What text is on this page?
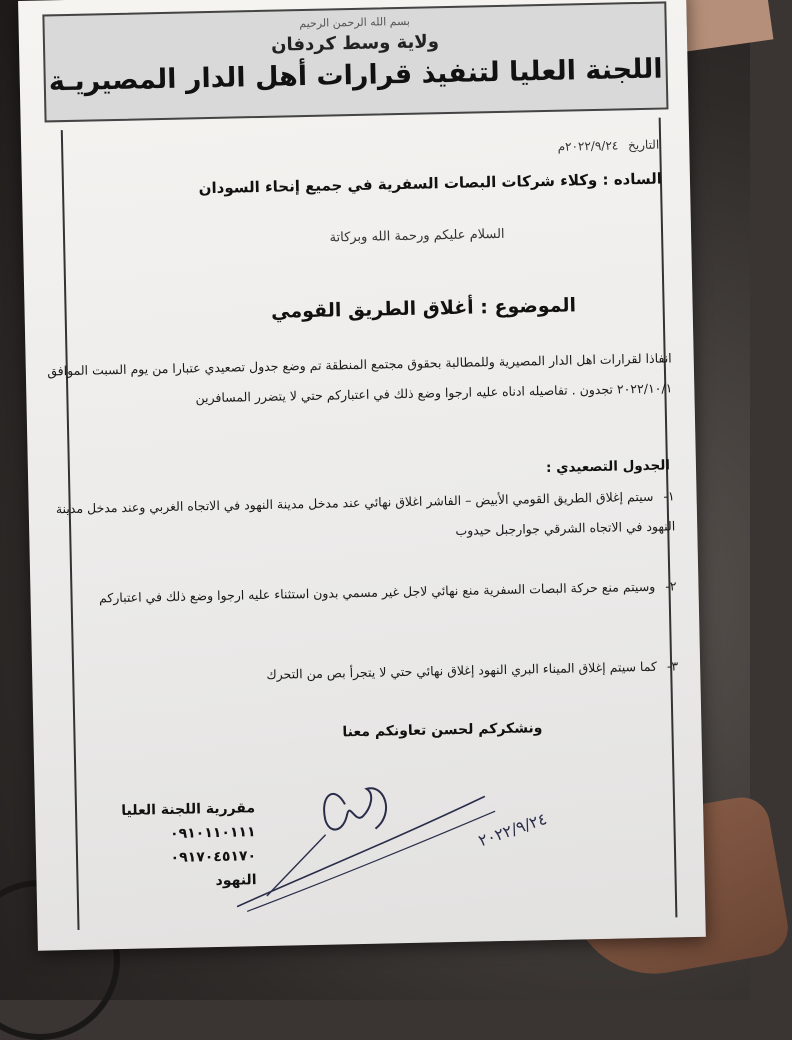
بسم الله الرحمن الرحيم
ولاية وسط كردفان
اللجنة العليا لتنفيذ قرارات أهل الدار المصيريـة
التاريخ ٢٠٢٢/٩/٢٤م
الساده : وكلاء شركات البصات السفرية في جميع إنحاء السودان
السلام عليكم ورحمة الله وبركاتة
الموضوع : أغلاق الطريق القومي
انفاذا لقرارات اهل الدار المصيرية وللمطالبة بحقوق مجتمع المنطقة تم وضع جدول تصعيدي عتبارا من يوم السبت الموافق ٢٠٢٢/١٠/١ تجدون . تفاصيله ادناه عليه ارجوا وضع ذلك في اعتباركم حتي لا يتضرر المسافرين
الجدول التصعيدي :
١- سيتم إغلاق الطريق القومي الأبيض – الفاشر اغلاق نهائي عند مدخل مدينة النهود في الاتجاه الغربي وعند مدخل مدينة النهود في الاتجاه الشرقي جوارجبل حيدوب
٢- وسيتم منع حركة البصات السفرية منع نهائي لاجل غير مسمي بدون استثناء عليه ارجوا وضع ذلك في اعتباركم
٣- كما سيتم إغلاق الميناء البري النهود إغلاق نهائي حتي لا يتجرأ بص من التحرك
ونشكركم لحسن تعاونكم معنا
مقررية اللجنة العليا
٠٩١٠١١٠١١١
٠٩١٧٠٤٥١٧٠
النهود
٢٠٢٢/٩/٢٤
